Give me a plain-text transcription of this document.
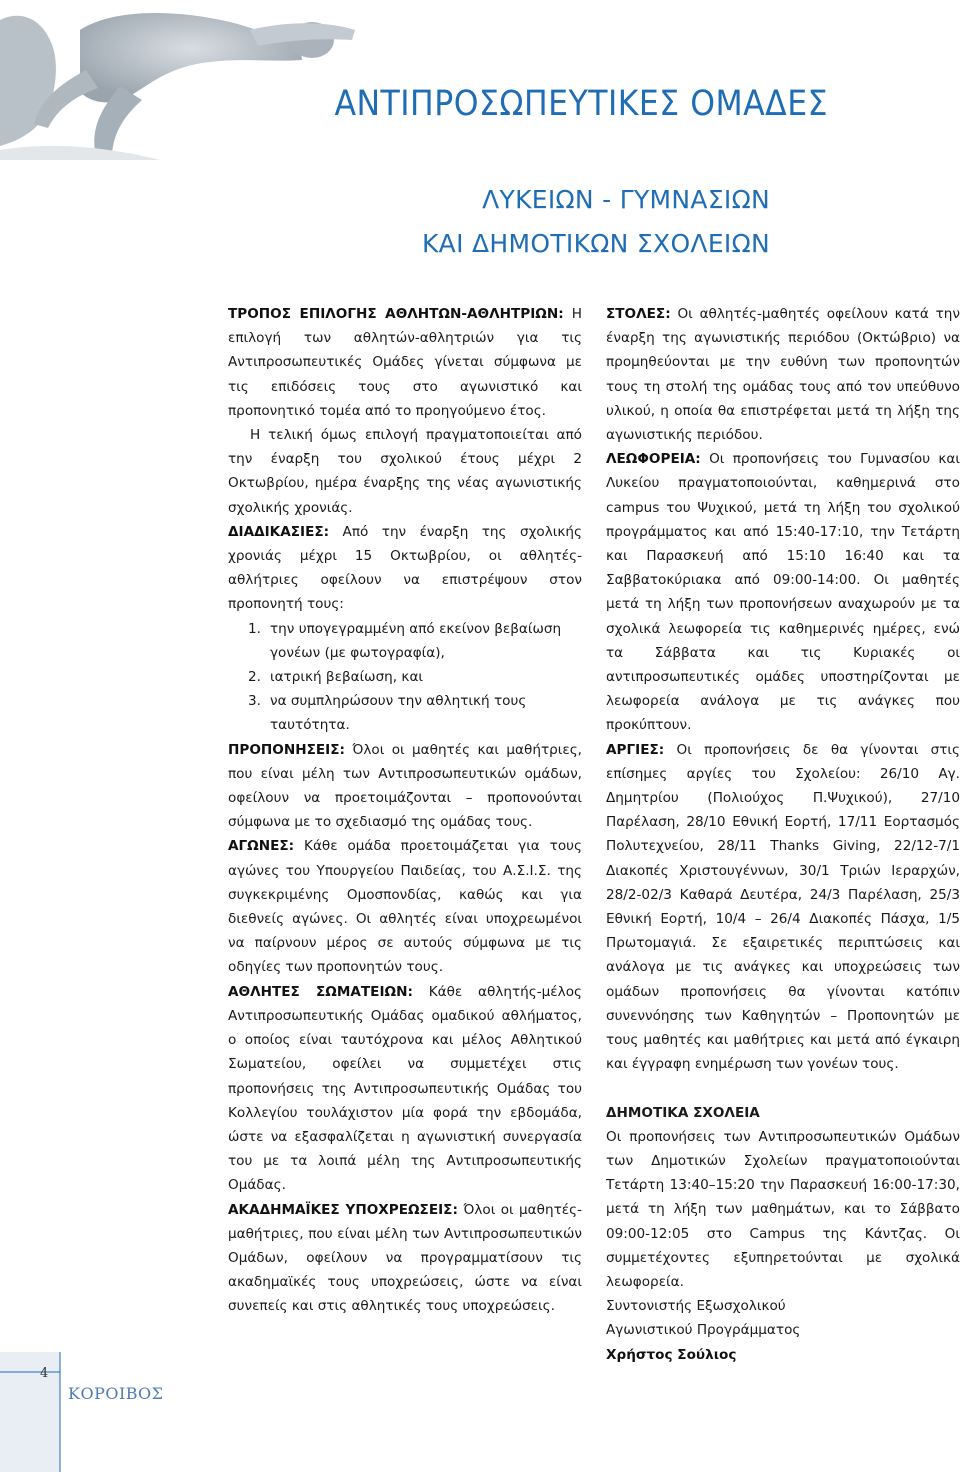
ΑΝΤΙΠΡΟΣΩΠΕΥΤΙΚΕΣ ΟΜΑΔΕΣ
ΛΥΚΕΙΩΝ - ΓΥΜΝΑΣΙΩΝ
ΚΑΙ ΔΗΜΟΤΙΚΩΝ ΣΧΟΛΕΙΩΝ

ΤΡΟΠΟΣ ΕΠΙΛΟΓΗΣ ΑΘΛΗΤΩΝ-ΑΘΛΗΤΡΙΩΝ: Η επιλογή των αθλητών-αθλητριών για τις Αντιπροσωπευτικές Ομάδες γίνεται σύμφωνα με τις επιδόσεις τους στο αγωνιστικό και προπονητικό τομέα από το προηγούμενο έτος.

Η τελική όμως επιλογή πραγματοποιείται από την έναρξη του σχολικού έτους μέχρι 2 Οκτωβρίου, ημέρα έναρξης της νέας αγωνιστικής σχολικής χρονιάς.

ΔΙΑΔΙΚΑΣΙΕΣ: Από την έναρξη της σχολικής χρονιάς μέχρι 15 Οκτωβρίου, οι αθλητές-αθλήτριες οφείλουν να επιστρέψουν στον προπονητή τους:

1. την υπογεγραμμένη από εκείνον βεβαίωση γονέων (με φωτογραφία),
2. ιατρική βεβαίωση, και
3. να συμπληρώσουν την αθλητική τους ταυτότητα.

ΠΡΟΠΟΝΗΣΕΙΣ: Όλοι οι μαθητές και μαθήτριες, που είναι μέλη των Αντιπροσωπευτικών ομάδων, οφείλουν να προετοιμάζονται – προπονούνται σύμφωνα με το σχεδιασμό της ομάδας τους.

ΑΓΩΝΕΣ: Κάθε ομάδα προετοιμάζεται για τους αγώνες του Υπουργείου Παιδείας, του Α.Σ.Ι.Σ. της συγκεκριμένης Ομοσπονδίας, καθώς και για διεθνείς αγώνες. Οι αθλητές είναι υποχρεωμένοι να παίρνουν μέρος σε αυτούς σύμφωνα με τις οδηγίες των προπονητών τους.

ΑΘΛΗΤΕΣ ΣΩΜΑΤΕΙΩΝ: Κάθε αθλητής-μέλος Αντιπροσωπευτικής Ομάδας ομαδικού αθλήματος, ο οποίος είναι ταυτόχρονα και μέλος Αθλητικού Σωματείου, οφείλει να συμμετέχει στις προπονήσεις της Αντιπροσωπευτικής Ομάδας του Κολλεγίου τουλάχιστον μία φορά την εβδομάδα, ώστε να εξασφαλίζεται η αγωνιστική συνεργασία του με τα λοιπά μέλη της Αντιπροσωπευτικής Ομάδας.

ΑΚΑΔΗΜΑΪΚΕΣ ΥΠΟΧΡΕΩΣΕΙΣ: Όλοι οι μαθητές-μαθήτριες, που είναι μέλη των Αντιπροσωπευτικών Ομάδων, οφείλουν να προγραμματίσουν τις ακαδημαϊκές τους υποχρεώσεις, ώστε να είναι συνεπείς και στις αθλητικές τους υποχρεώσεις.

ΣΤΟΛΕΣ: Οι αθλητές-μαθητές οφείλουν κατά την έναρξη της αγωνιστικής περιόδου (Οκτώβριο) να προμηθεύονται με την ευθύνη των προπονητών τους τη στολή της ομάδας τους από τον υπεύθυνο υλικού, η οποία θα επιστρέφεται μετά τη λήξη της αγωνιστικής περιόδου.

ΛΕΩΦΟΡΕΙΑ: Οι προπονήσεις του Γυμνασίου και Λυκείου πραγματοποιούνται, καθημερινά στο campus του Ψυχικού, μετά τη λήξη του σχολικού προγράμματος και από 15:40-17:10, την Τετάρτη και Παρασκευή από 15:10 16:40 και τα Σαββατοκύριακα από 09:00-14:00. Οι μαθητές μετά τη λήξη των προπονήσεων αναχωρούν με τα σχολικά λεωφορεία τις καθημερινές ημέρες, ενώ τα Σάββατα και τις Κυριακές οι αντιπροσωπευτικές ομάδες υποστηρίζονται με λεωφορεία ανάλογα με τις ανάγκες που προκύπτουν.

ΑΡΓΙΕΣ: Οι προπονήσεις δε θα γίνονται στις επίσημες αργίες του Σχολείου: 26/10 Αγ. Δημητρίου (Πολιούχος Π.Ψυχικού), 27/10 Παρέλαση, 28/10 Εθνική Εορτή, 17/11 Εορτασμός Πολυτεχνείου, 28/11 Thanks Giving, 22/12-7/1 Διακοπές Χριστουγέννων, 30/1 Τριών Ιεραρχών, 28/2-02/3 Καθαρά Δευτέρα, 24/3 Παρέλαση, 25/3 Εθνική Εορτή, 10/4 – 26/4 Διακοπές Πάσχα, 1/5 Πρωτομαγιά. Σε εξαιρετικές περιπτώσεις και ανάλογα με τις ανάγκες και υποχρεώσεις των ομάδων προπονήσεις θα γίνονται κατόπιν συνεννόησης των Καθηγητών – Προπονητών με τους μαθητές και μαθήτριες και μετά από έγκαιρη και έγγραφη ενημέρωση των γονέων τους.

ΔΗΜΟΤΙΚΑ ΣΧΟΛΕΙΑ

Οι προπονήσεις των Αντιπροσωπευτικών Ομάδων των Δημοτικών Σχολείων πραγματοποιούνται Τετάρτη 13:40–15:20 την Παρασκευή 16:00-17:30, μετά τη λήξη των μαθημάτων, και το Σάββατο 09:00-12:05 στο Campus της Κάντζας. Οι συμμετέχοντες εξυπηρετούνται με σχολικά λεωφορεία.

Συντονιστής Εξωσχολικού

Αγωνιστικού Προγράμματος

Χρήστος Σούλιος

4
ΚΟΡΟΙΒΟΣ
